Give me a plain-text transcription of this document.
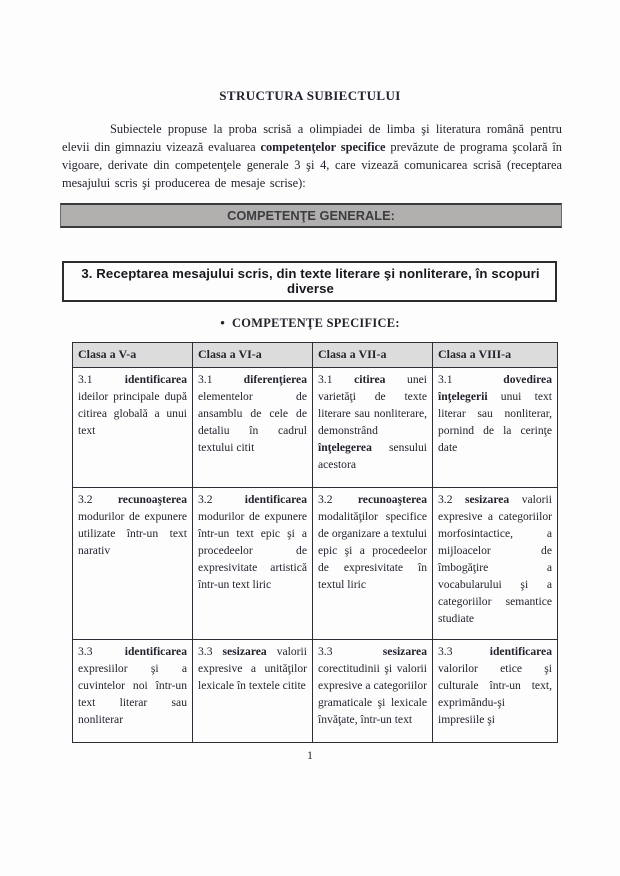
STRUCTURA SUBIECTULUI

Subiectele propuse la proba scrisă a olimpiadei de limba şi literatura română pentru elevii din gimnaziu vizează evaluarea competenţelor specifice prevăzute de programa şcolară în vigoare, derivate din competenţele generale 3 şi 4, care vizează comunicarea scrisă (receptarea mesajului scris şi producerea de mesaje scrise):

COMPETENŢE GENERALE:
3. Receptarea mesajului scris, din texte literare şi nonliterare, în scopuri diverse
• COMPETENŢE SPECIFICE:
Clasa a V-a	Clasa a VI-a	Clasa a VII-a	Clasa a VIII-a
3.1 identificarea ideilor principale după citirea globală a unui text	3.1 diferenţierea elementelor de ansamblu de cele de detaliu în cadrul textului citit	3.1 citirea unei varietăţi de texte literare sau nonliterare, demonstrând înţelegerea sensului acestora	3.1 dovedirea înţelegerii unui text literar sau nonliterar, pornind de la cerinţe date
3.2 recunoaşterea modurilor de expunere utilizate într-un text narativ	3.2 identificarea modurilor de expunere într-un text epic şi a procedeelor de expresivitate artistică într-un text liric	3.2 recunoaşterea modalităţilor specifice de organizare a textului epic şi a procedeelor de expresivitate în textul liric	3.2 sesizarea valorii expresive a categoriilor morfosintactice, a mijloacelor de îmbogăţire a vocabularului şi a categoriilor semantice studiate
3.3 identificarea expresiilor şi a cuvintelor noi într-un text literar sau nonliterar	3.3 sesizarea valorii expresive a unităţilor lexicale în textele citite	3.3 sesizarea corectitudinii şi valorii expresive a categoriilor gramaticale şi lexicale învăţate, într-un text	3.3 identificarea valorilor etice şi culturale într-un text, exprimându-şi impresiile şi
1
